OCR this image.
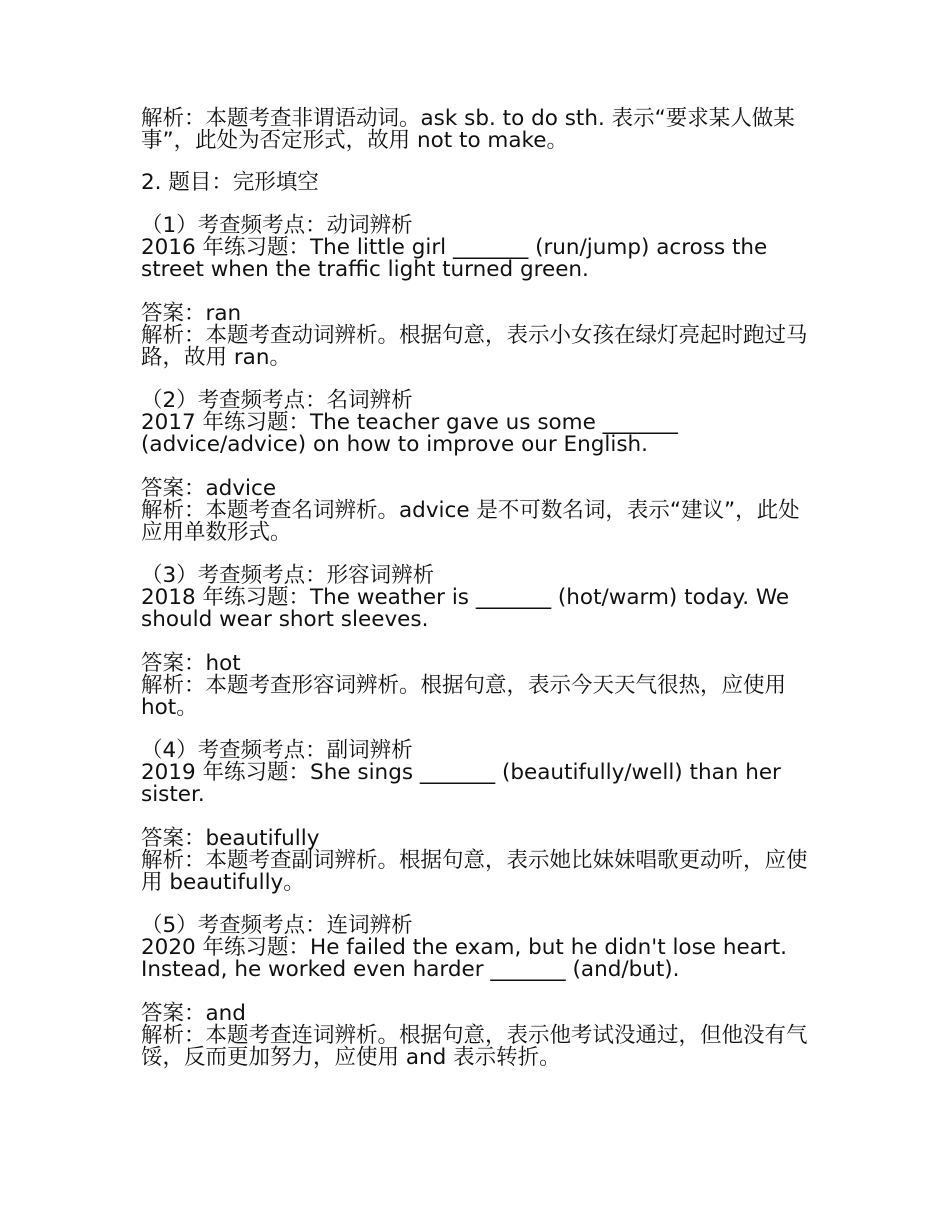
解析：本题考查非谓语动词。ask sb. to do sth. 表示“要求某人做某事”，此处为否定形式，故用 not to make。

2. 题目：完形填空

（1）考查频考点：动词辨析
2016 年练习题：The little girl _______ (run/jump) across the street when the traffic light turned green.
答案：ran
解析：本题考查动词辨析。根据句意，表示小女孩在绿灯亮起时跑过马路，故用 ran。
（2）考查频考点：名词辨析
2017 年练习题：The teacher gave us some _______ (advice/advice) on how to improve our English.
答案：advice
解析：本题考查名词辨析。advice 是不可数名词，表示“建议”，此处应用单数形式。
（3）考查频考点：形容词辨析
2018 年练习题：The weather is _______ (hot/warm) today. We should wear short sleeves.
答案：hot
解析：本题考查形容词辨析。根据句意，表示今天天气很热，应使用 hot。
（4）考查频考点：副词辨析
2019 年练习题：She sings _______ (beautifully/well) than her sister.
答案：beautifully
解析：本题考查副词辨析。根据句意，表示她比妹妹唱歌更动听，应使用 beautifully。
（5）考查频考点：连词辨析
2020 年练习题：He failed the exam, but he didn't lose heart. Instead, he worked even harder _______ (and/but).
答案：and
解析：本题考查连词辨析。根据句意，表示他考试没通过，但他没有气馁，反而更加努力，应使用 and 表示转折。
